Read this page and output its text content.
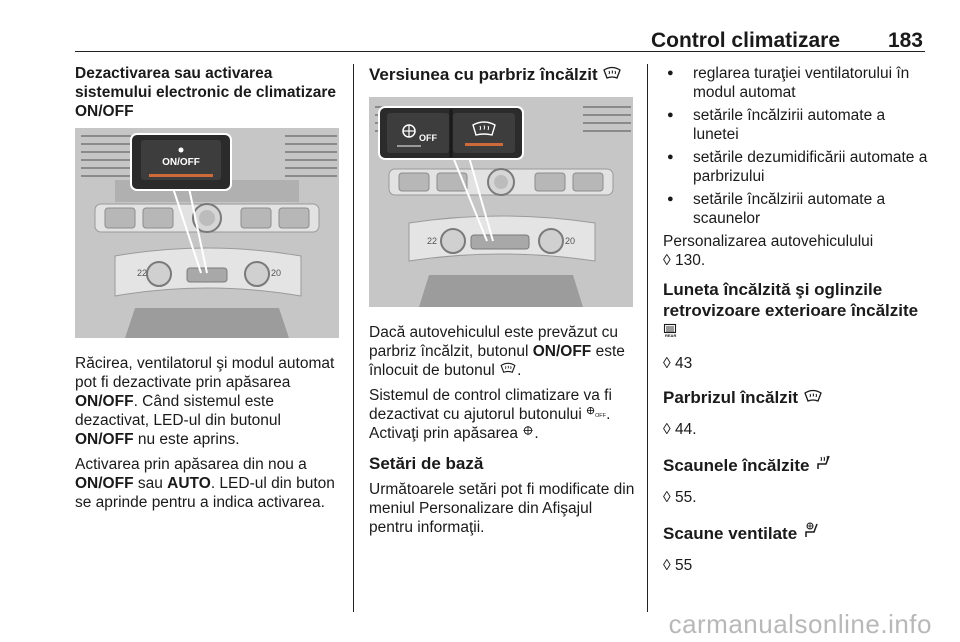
Control climatizare 183
Dezactivarea sau activarea sistemului electronic de climatizare ON/OFF
22	20
ON/OFF

Răcirea, ventilatorul şi modul automat pot fi dezactivate prin apăsarea ON/OFF. Când sistemul este dezactivat, LED-ul din butonul ON/OFF nu este aprins.

Activarea prin apăsarea din nou a ON/OFF sau AUTO. LED-ul din buton se aprinde pentru a indica activarea.

Versiunea cu parbriz încălzit
22	20
OFF

Dacă autovehiculul este prevăzut cu parbriz încălzit, butonul ON/OFF este înlocuit de butonul .

Sistemul de control climatizare va fi dezactivat cu ajutorul butonului OFF .

Activaţi prin apăsarea .

Setări de bază

Următoarele setări pot fi modificate din meniul Personalizare din Afişajul pentru informaţii.

● reglarea turaţiei ventilatorului în modul automat
● setările încălzirii automate a lunetei
● setările dezumidificării automate a parbrizului
● setările încălzirii automate a scaunelor

Personalizarea autovehiculului

◊ 130.

Luneta încălzită şi oglinzile retrovizoare exterioare încălzite
REAR

◊ 43

Parbrizul încălzit

◊ 44.

Scaunele încălzite

◊ 55.

Scaune ventilate

◊ 55

carmanualsonline.info
